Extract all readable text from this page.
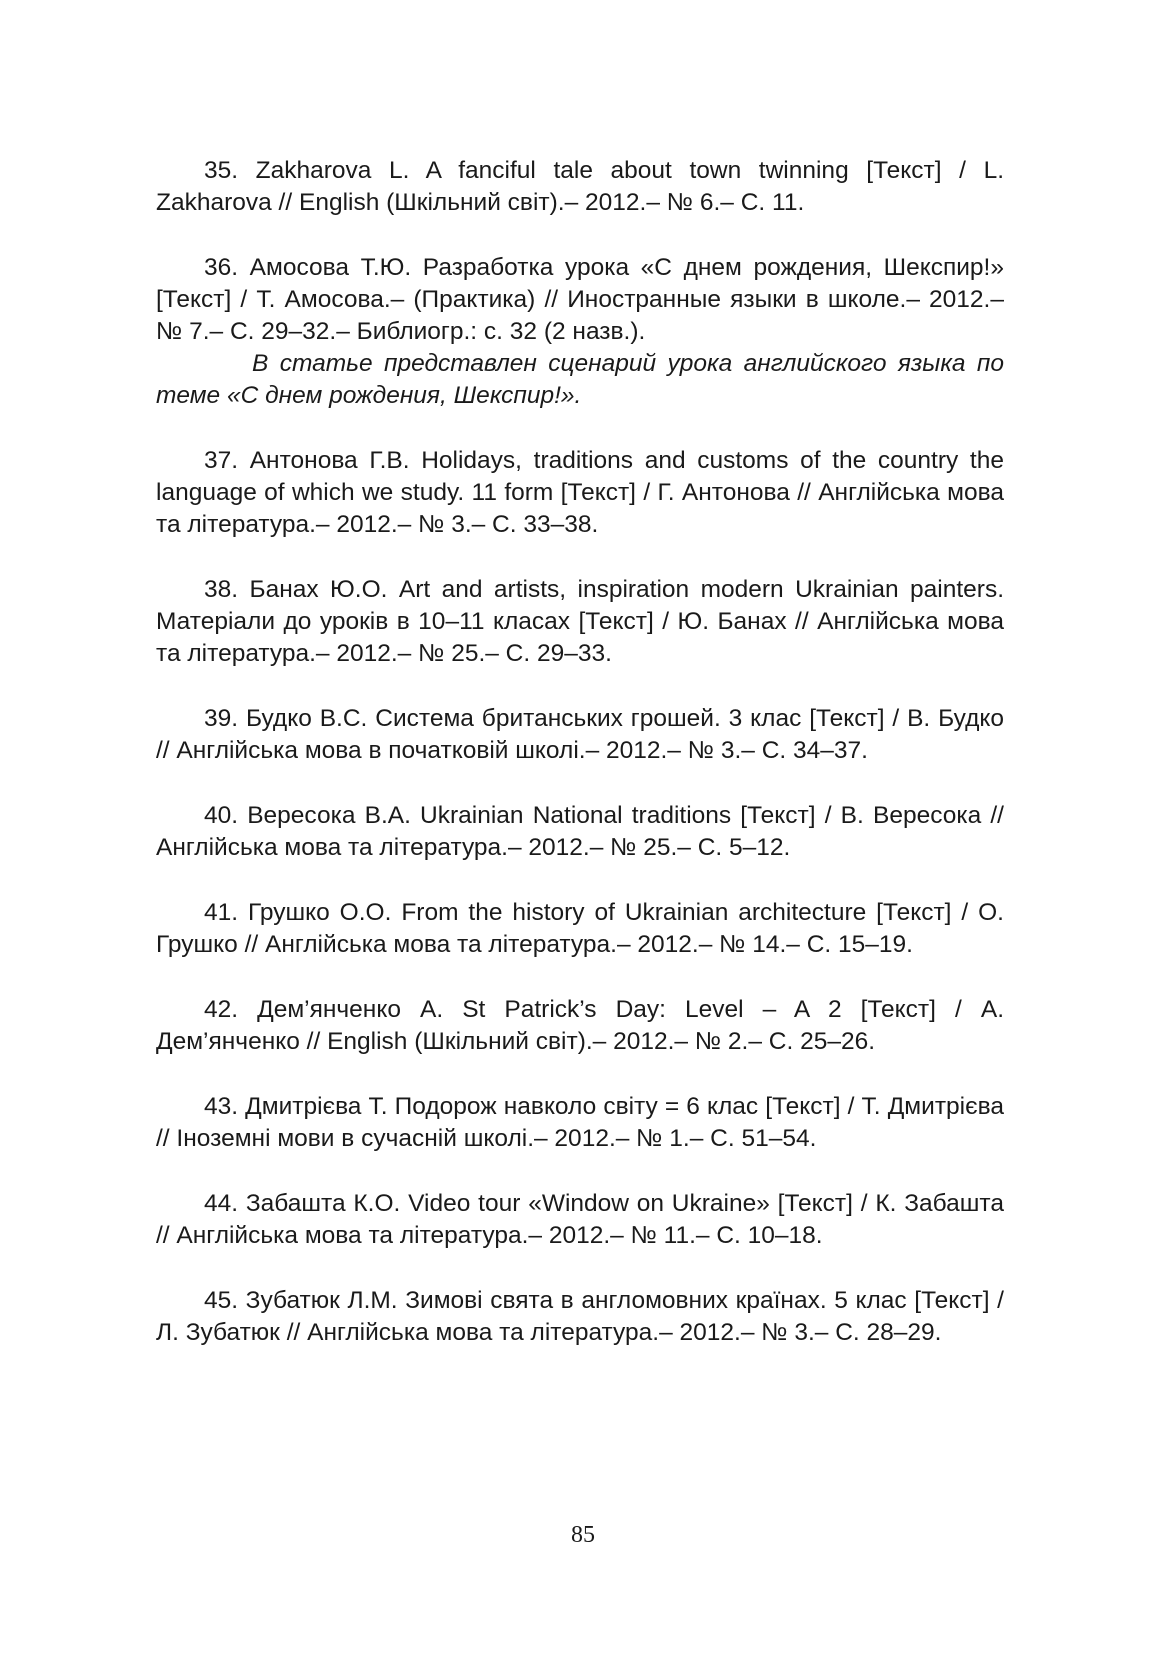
35. Zakharova L. A fanciful tale about town twinning [Текст] / L. Zakharova // English (Шкільний світ).– 2012.– № 6.– С. 11.

36. Амосова Т.Ю. Разработка урока «С днем рождения, Шекспир!» [Текст] / Т. Амосова.– (Практика) // Иностранные языки в школе.– 2012.– № 7.– С. 29–32.– Библиогр.: с. 32 (2 назв.).

В статье представлен сценарий урока английского языка по теме «С днем рождения, Шекспир!».

37. Антонова Г.В. Holidays, traditions and customs of the country the language of which we study. 11 form [Текст] / Г. Антонова // Англійська мова та література.– 2012.– № 3.– С. 33–38.

38. Банах Ю.О. Art and artists, inspiration modern Ukrainian painters. Матеріали до уроків в 10–11 класах [Текст] / Ю. Банах // Англійська мова та література.– 2012.– № 25.– С. 29–33.

39. Будко В.С. Система британських грошей. 3 клас [Текст] / В. Будко // Англійська мова в початковій школі.– 2012.– № 3.– С. 34–37.

40. Вересока В.А. Ukrainian National traditions [Текст] / В. Вересока // Англійська мова та література.– 2012.– № 25.– С. 5–12.

41. Грушко О.О. From the history of Ukrainian architecture [Текст] / О. Грушко // Англійська мова та література.– 2012.– № 14.– С. 15–19.

42. Дем’янченко А. St Patrick’s Day: Level – A 2 [Текст] / А. Дем’янченко // English (Шкільний світ).– 2012.– № 2.– С. 25–26.

43. Дмитрієва Т. Подорож навколо світу = 6 клас [Текст] / Т. Дмитрієва // Іноземні мови в сучасній школі.– 2012.– № 1.– С. 51–54.

44. Забашта К.О. Video tour «Window on Ukraine» [Текст] / К. Забашта // Англійська мова та література.– 2012.– № 11.– С. 10–18.

45. Зубатюк Л.М. Зимові свята в англомовних країнах. 5 клас [Текст] / Л. Зубатюк // Англійська мова та література.– 2012.– № 3.– С. 28–29.

85
